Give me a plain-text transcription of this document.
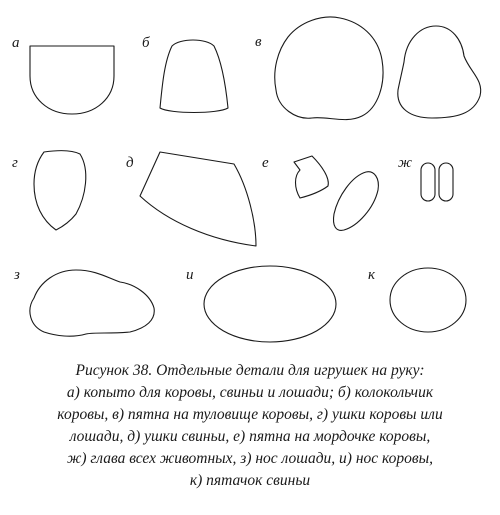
а	б	в
г	д	е	ж
з	и	к

Рисунок 38. Отдельные детали для игрушек на руку:
а) копыто для коровы, свиньи и лошади; б) колокольчик
коровы, в) пятна на туловище коровы, г) ушки коровы или
лошади, д) ушки свиньи, е) пятна на мордочке коровы,
ж) глава всех животных, з) нос лошади, и) нос коровы,
к) пятачок свиньи
